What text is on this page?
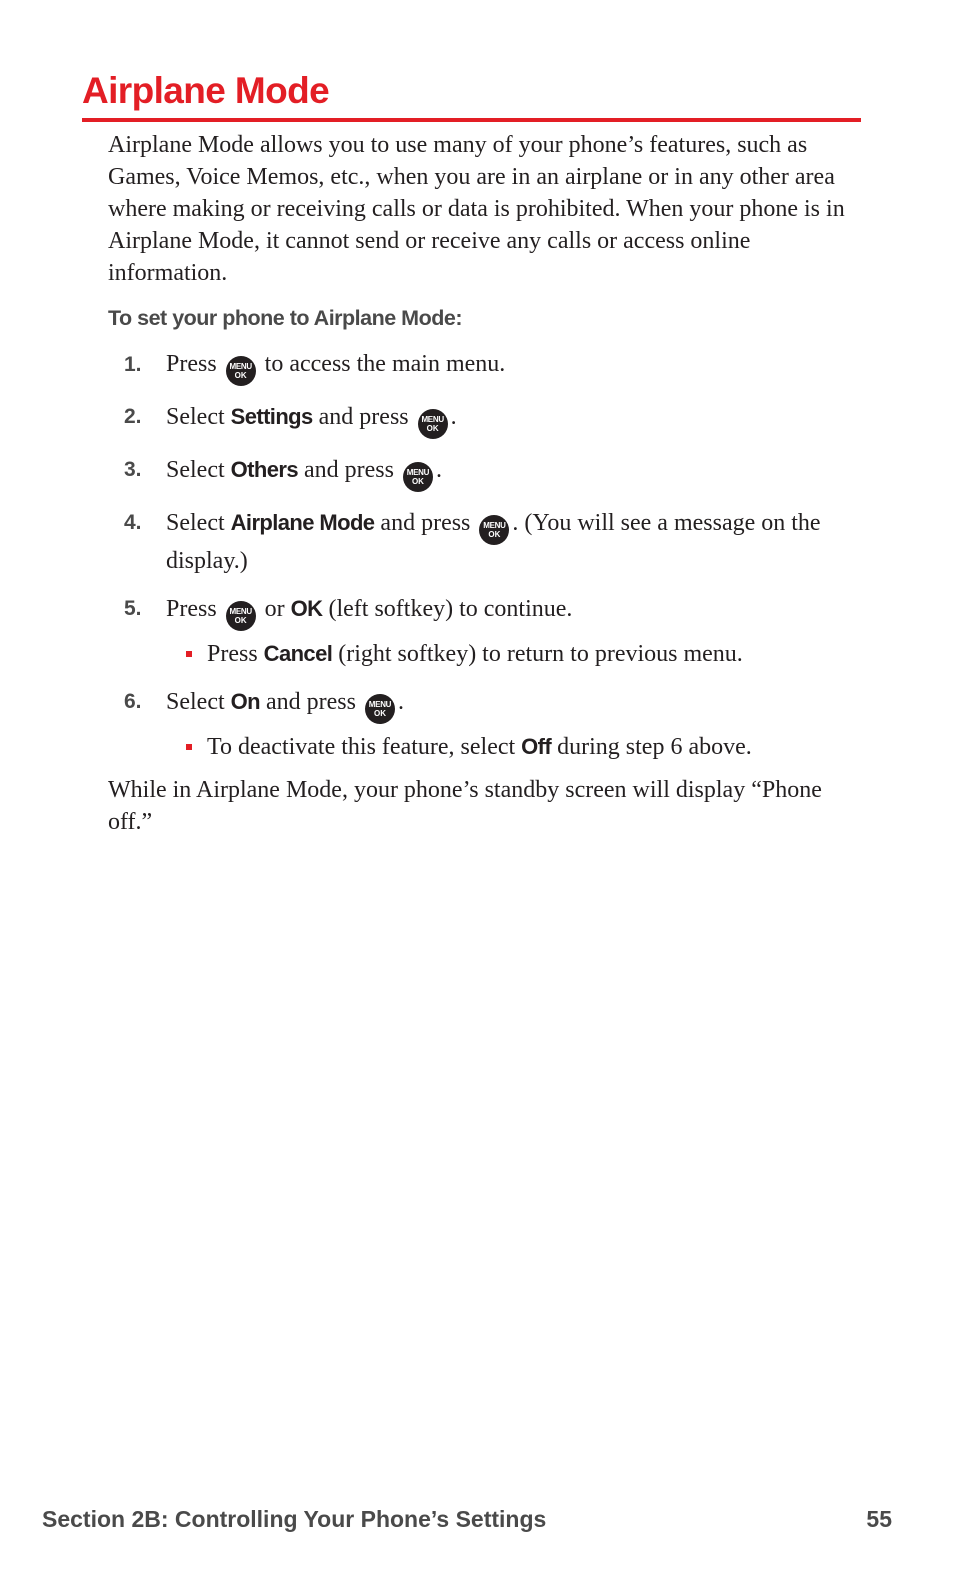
Airplane Mode

Airplane Mode allows you to use many of your phone’s features, such as Games, Voice Memos, etc., when you are in an airplane or in any other area where making or receiving calls or data is prohibited. When your phone is in Airplane Mode, it cannot send or receive any calls or access online information.

To set your phone to Airplane Mode:

1. Press	MENU
OK to access the main menu.
2. Select Settings and press	MENU
OK .
3. Select Others and press	MENU
OK .
4. Select Airplane Mode and press	MENU
OK . (You will see a message on the display.)
5. Press	MENU
OK or OK (left softkey) to continue.
Press Cancel (right softkey) to return to previous menu.
6. Select On and press	MENU
OK .
To deactivate this feature, select Off during step 6 above.

While in Airplane Mode, your phone’s standby screen will display “Phone off.”

Section 2B: Controlling Your Phone’s Settings	55
